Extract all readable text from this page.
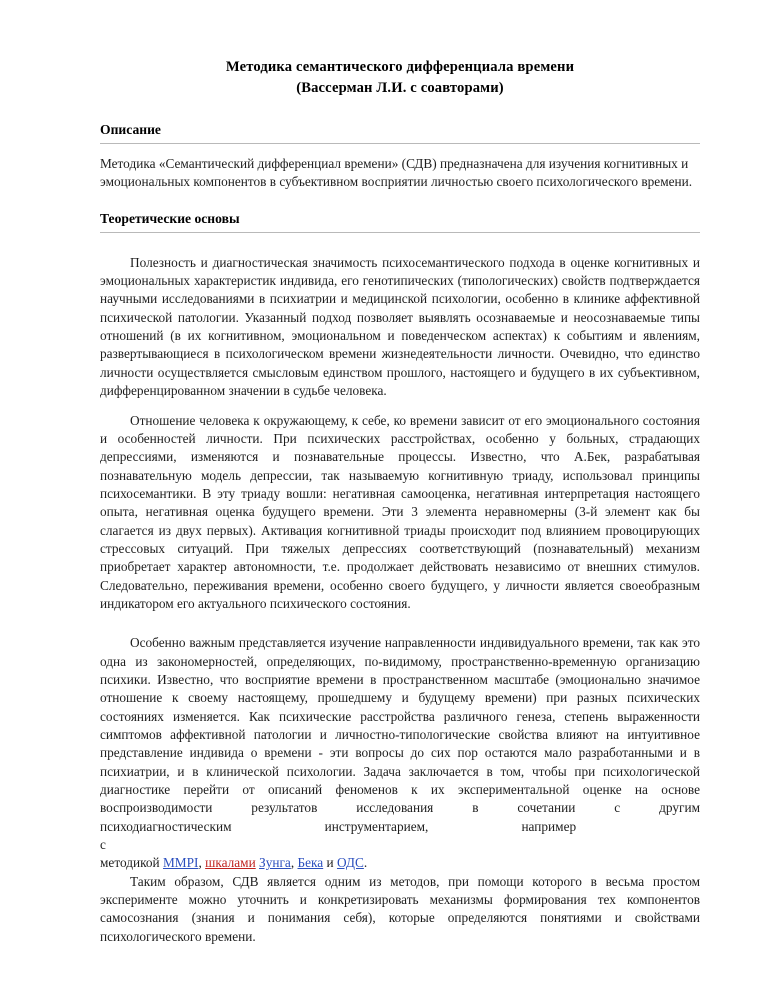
Методика семантического дифференциала времени
(Вассерман Л.И. с соавторами)
Описание

Методика «Семантический дифференциал времени» (СДВ) предназначена для изучения когнитивных и эмоциональных компонентов в субъективном восприятии личностью своего психологического времени.

Теоретические основы

Полезность и диагностическая значимость психосемантического подхода в оценке когнитивных и эмоциональных характеристик индивида, его генотипических (типологических) свойств подтверждается научными исследованиями в психиатрии и медицинской психологии, особенно в клинике аффективной психической патологии. Указанный подход позволяет выявлять осознаваемые и неосознаваемые типы отношений (в их когнитивном, эмоциональном и поведенческом аспектах) к событиям и явлениям, развертывающиеся в психологическом времени жизнедеятельности личности. Очевидно, что единство личности осуществляется смысловым единством прошлого, настоящего и будущего в их субъективном, дифференцированном значении в судьбе человека.

Отношение человека к окружающему, к себе, ко времени зависит от его эмоционального состояния и особенностей личности. При психических расстройствах, особенно у больных, страдающих депрессиями, изменяются и познавательные процессы. Известно, что А.Бек, разрабатывая познавательную модель депрессии, так называемую когнитивную триаду, использовал принципы психосемантики. В эту триаду вошли: негативная самооценка, негативная интерпретация настоящего опыта, негативная оценка будущего времени. Эти 3 элемента неравномерны (3-й элемент как бы слагается из двух первых). Активация когнитивной триады происходит под влиянием провоцирующих стрессовых ситуаций. При тяжелых депрессиях соответствующий (познавательный) механизм приобретает характер автономности, т.е. продолжает действовать независимо от внешних стимулов. Следовательно, переживания времени, особенно своего будущего, у личности является своеобразным индикатором его актуального психического состояния.

Особенно важным представляется изучение направленности индивидуального времени, так как это одна из закономерностей, определяющих, по-видимому, пространственно-временную организацию психики. Известно, что восприятие времени в пространственном масштабе (эмоционально значимое отношение к своему настоящему, прошедшему и будущему времени) при разных психических состояниях изменяется. Как психические расстройства различного генеза, степень выраженности симптомов аффективной патологии и личностно-типологические свойства влияют на интуитивное представление индивида о времени - эти вопросы до сих пор остаются мало разработанными и в психиатрии, и в клинической психологии. Задача заключается в том, чтобы при психологической диагностике перейти от описаний феноменов к их экспериментальной оценке на основе воспроизводимости результатов исследования в сочетании с другим психодиагностическим       	инструментарием,       	например         с

методикой MMPI, шкалами Зунга, Бека и ОДС.

Таким образом, СДВ является одним из методов, при помощи которого в весьма простом эксперименте можно уточнить и конкретизировать механизмы формирования тех компонентов самосознания (знания и понимания себя), которые определяются понятиями и свойствами психологического времени.
